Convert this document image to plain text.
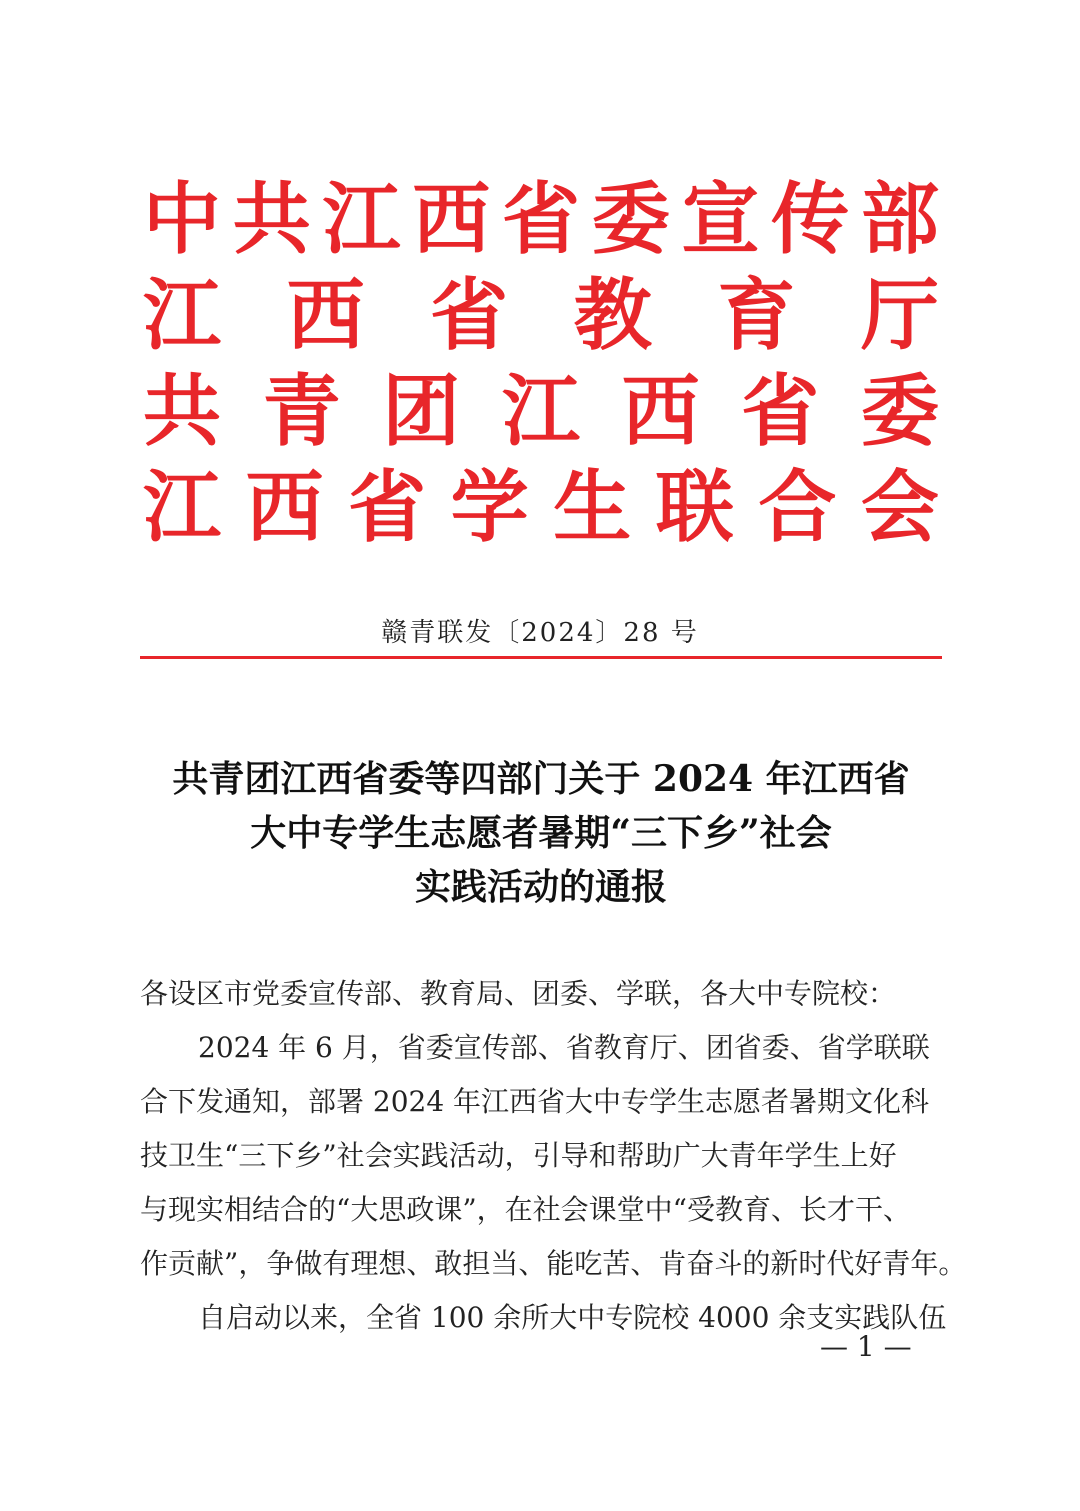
中 共 江 西 省 委 宣 传 部
江 西 省 教 育 厅
共 青 团 江 西 省 委
江 西 省 学 生 联 合 会
赣青联发〔2024〕28 号
共青团江西省委等四部门关于 2024 年江西省
大中专学生志愿者暑期“三下乡”社会
实践活动的通报
各设区市党委宣传部、教育局、团委、学联，各大中专院校：
2024 年 6 月，省委宣传部、省教育厅、团省委、省学联联
合下发通知，部署 2024 年江西省大中专学生志愿者暑期文化科
技卫生“三下乡”社会实践活动，引导和帮助广大青年学生上好
与现实相结合的“大思政课”，在社会课堂中“受教育、长才干、
作贡献”，争做有理想、敢担当、能吃苦、肯奋斗的新时代好青年。
自启动以来，全省 100 余所大中专院校 4000 余支实践队伍
— 1 —
